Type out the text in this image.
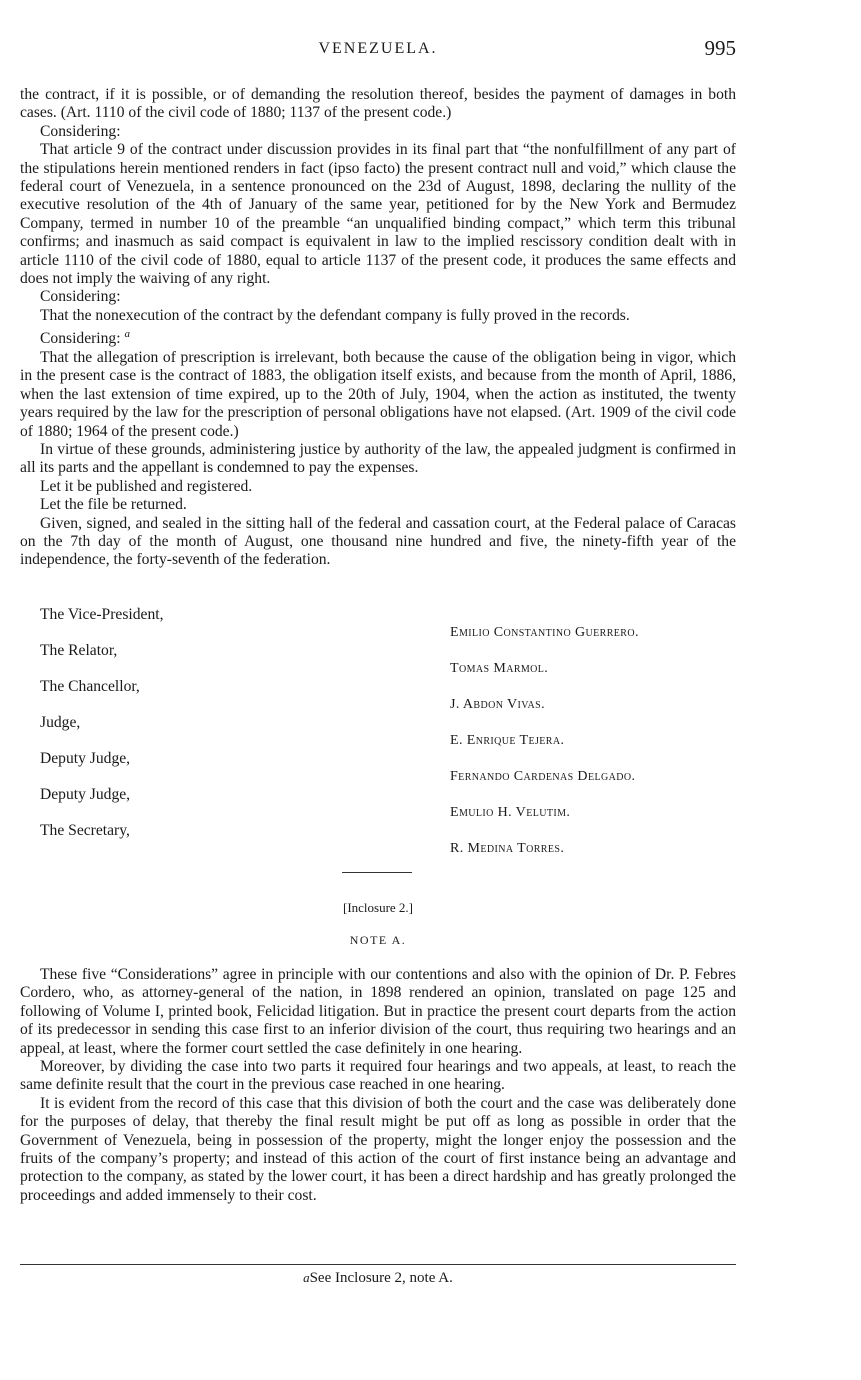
VENEZUELA.	995

the contract, if it is possible, or of demanding the resolution thereof, besides the payment of damages in both cases. (Art. 1110 of the civil code of 1880; 1137 of the present code.)

Considering:

That article 9 of the contract under discussion provides in its final part that “the nonfulfillment of any part of the stipulations herein mentioned renders in fact (ipso facto) the present contract null and void,” which clause the federal court of Venezuela, in a sentence pronounced on the 23d of August, 1898, declaring the nullity of the executive resolution of the 4th of January of the same year, petitioned for by the New York and Bermudez Company, termed in number 10 of the preamble “an unqualified binding compact,” which term this tribunal confirms; and inasmuch as said compact is equivalent in law to the implied rescissory condition dealt with in article 1110 of the civil code of 1880, equal to article 1137 of the present code, it produces the same effects and does not imply the waiving of any right.

Considering:

That the nonexecution of the contract by the defendant company is fully proved in the records.

Considering: $^a$

That the allegation of prescription is irrelevant, both because the cause of the obligation being in vigor, which in the present case is the contract of 1883, the obligation itself exists, and because from the month of April, 1886, when the last extension of time expired, up to the 20th of July, 1904, when the action as instituted, the twenty years required by the law for the prescription of personal obligations have not elapsed. (Art. 1909 of the civil code of 1880; 1964 of the present code.)

In virtue of these grounds, administering justice by authority of the law, the appealed judgment is confirmed in all its parts and the appellant is condemned to pay the expenses.

Let it be published and registered.

Let the file be returned.

Given, signed, and sealed in the sitting hall of the federal and cassation court, at the Federal palace of Caracas on the 7th day of the month of August, one thousand nine hundred and five, the ninety-fifth year of the independence, the forty-seventh of the federation.

The Vice-President,
The Relator,
The Chancellor,
Judge,
Deputy Judge,
Deputy Judge,
The Secretary,
Emilio Constantino Guerrero.
Tomas Marmol.
J. Abdon Vivas.
E. Enrique Tejera.
Fernando Cardenas Delgado.
Emulio H. Velutim.
R. Medina Torres.
[Inclosure 2.]
NOTE A.

These five “Considerations” agree in principle with our contentions and also with the opinion of Dr. P. Febres Cordero, who, as attorney-general of the nation, in 1898 rendered an opinion, translated on page 125 and following of Volume I, printed book, Felicidad litigation. But in practice the present court departs from the action of its predecessor in sending this case first to an inferior division of the court, thus requiring two hearings and an appeal, at least, where the former court settled the case definitely in one hearing.

Moreover, by dividing the case into two parts it required four hearings and two appeals, at least, to reach the same definite result that the court in the previous case reached in one hearing.

It is evident from the record of this case that this division of both the court and the case was deliberately done for the purposes of delay, that thereby the final result might be put off as long as possible in order that the Government of Venezuela, being in possession of the property, might the longer enjoy the possession and the fruits of the company’s property; and instead of this action of the court of first instance being an advantage and protection to the company, as stated by the lower court, it has been a direct hardship and has greatly prolonged the proceedings and added immensely to their cost.

aSee Inclosure 2, note A.
